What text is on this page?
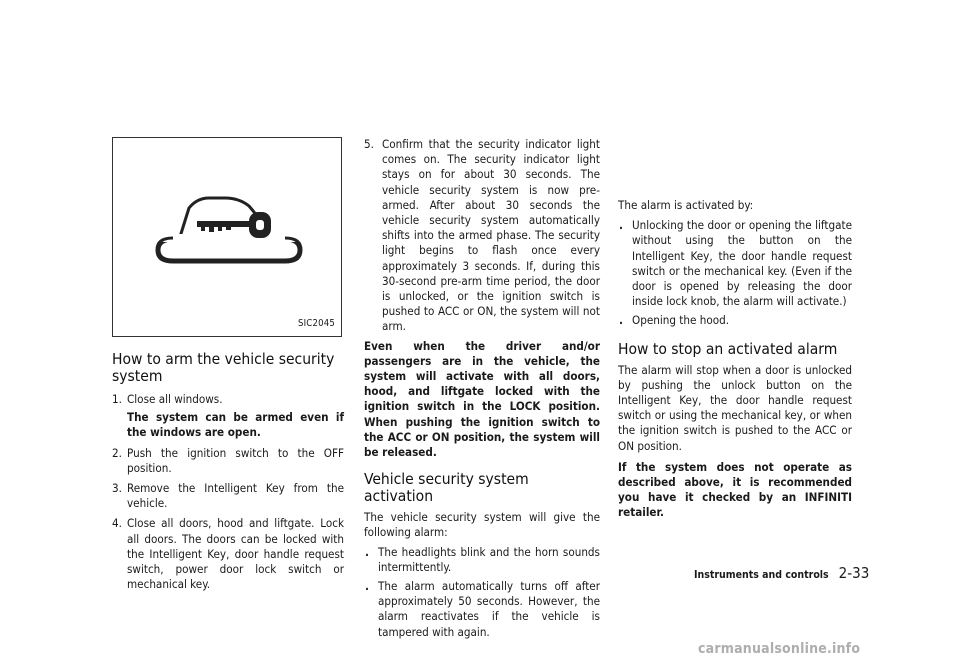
SIC2045
How to arm the vehicle security system
1. Close all windows.

The system can be armed even if the windows are open.

2. Push the ignition switch to the OFF position.
3. Remove the Intelligent Key from the vehicle.
4. Close all doors, hood and liftgate. Lock all doors. The doors can be locked with the Intelligent Key, door handle request switch, power door lock switch or mechanical key.
5. Confirm that the security indicator light comes on. The security indicator light stays on for about 30 seconds. The vehicle security system is now pre-armed. After about 30 seconds the vehicle security system automatically shifts into the armed phase. The security light begins to flash once every approximately 3 seconds. If, during this 30-second pre-arm time period, the door is unlocked, or the ignition switch is pushed to ACC or ON, the system will not arm.

Even when the driver and/or passengers are in the vehicle, the system will activate with all doors, hood, and liftgate locked with the ignition switch in the LOCK position. When pushing the ignition switch to the ACC or ON position, the system will be released.

Vehicle security system activation

The vehicle security system will give the following alarm:

. The headlights blink and the horn sounds intermittently.
. The alarm automatically turns off after approximately 50 seconds. However, the alarm reactivates if the vehicle is tampered with again.

The alarm is activated by:

. Unlocking the door or opening the liftgate without using the button on the Intelligent Key, the door handle request switch or the mechanical key. (Even if the door is opened by releasing the door inside lock knob, the alarm will activate.)
. Opening the hood.
How to stop an activated alarm

The alarm will stop when a door is unlocked by pushing the unlock button on the Intelligent Key, the door handle request switch or using the mechanical key, or when the ignition switch is pushed to the ACC or ON position.

If the system does not operate as described above, it is recommended you have it checked by an INFINITI retailer.

Instruments and controls 2-33
carmanualsonline.info
